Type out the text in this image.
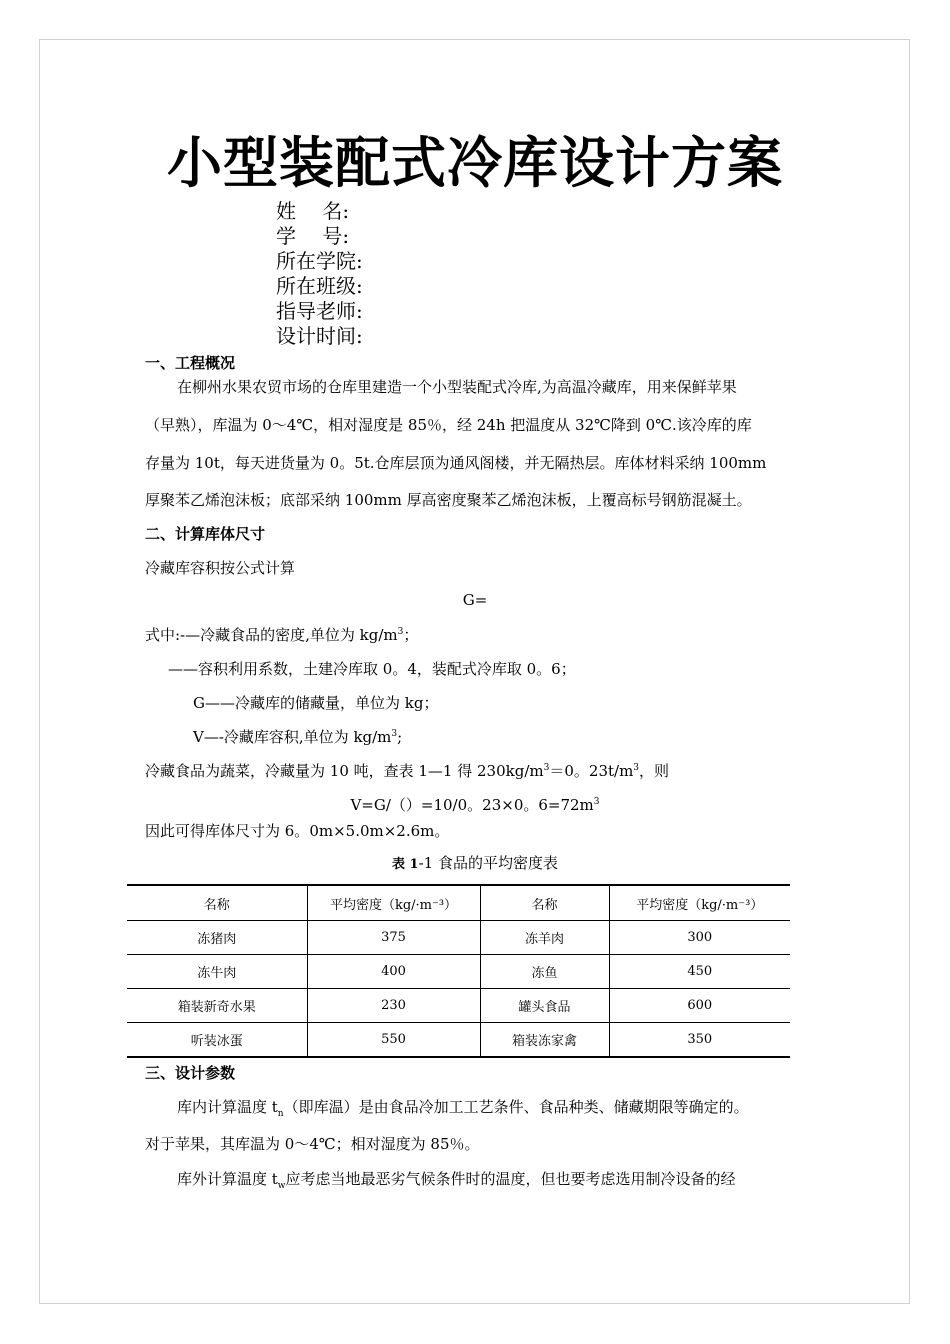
小型装配式冷库设计方案
姓　 名:
学　 号:
所在学院:
所在班级:
指导老师:
设计时间:
一、工程概况
在柳州水果农贸市场的仓库里建造一个小型装配式冷库,为高温冷藏库，用来保鲜苹果
（早熟），库温为 0～4℃，相对湿度是 85％，经 24h 把温度从 32℃降到 0℃.该冷库的库
存量为 10t，每天进货量为 0。5t.仓库层顶为通风阁楼，并无隔热层。库体材料采纳 100mm
厚聚苯乙烯泡沫板；底部采纳 100mm 厚高密度聚苯乙烯泡沫板，上覆高标号钢筋混凝土。
二、计算库体尺寸
冷藏库容积按公式计算
G=
式中:-—冷藏食品的密度,单位为 $kg/m^3$；
——容积利用系数，土建冷库取 0。4，装配式冷库取 0。6；
G——冷藏库的储藏量，单位为 kg；
V—-冷藏库容积,单位为 $kg/m^3$;
冷藏食品为蔬菜，冷藏量为 10 吨，查表 1—1 得 $230kg/m^3=0$。$23t/m^3$，则
V=G/（）=10/0。23×0。$6=72m^3$
因此可得库体尺寸为 6。0m×5.0m×2.6m。
表 1-1 食品的平均密度表
名称	平均密度（kg/·m⁻³）	名称	平均密度（kg/·m⁻³）
冻猪肉	375	冻羊肉	300
冻牛肉	400	冻鱼	450
箱装新奇水果	230	罐头食品	600
听装冰蛋	550	箱装冻家禽	350
三、设计参数
库内计算温度 $t_n$（即库温）是由食品冷加工工艺条件、食品种类、储藏期限等确定的。
对于苹果，其库温为 0～4℃；相对湿度为 85％。
库外计算温度 $t_w$应考虑当地最恶劣气候条件时的温度，但也要考虑选用制冷设备的经
